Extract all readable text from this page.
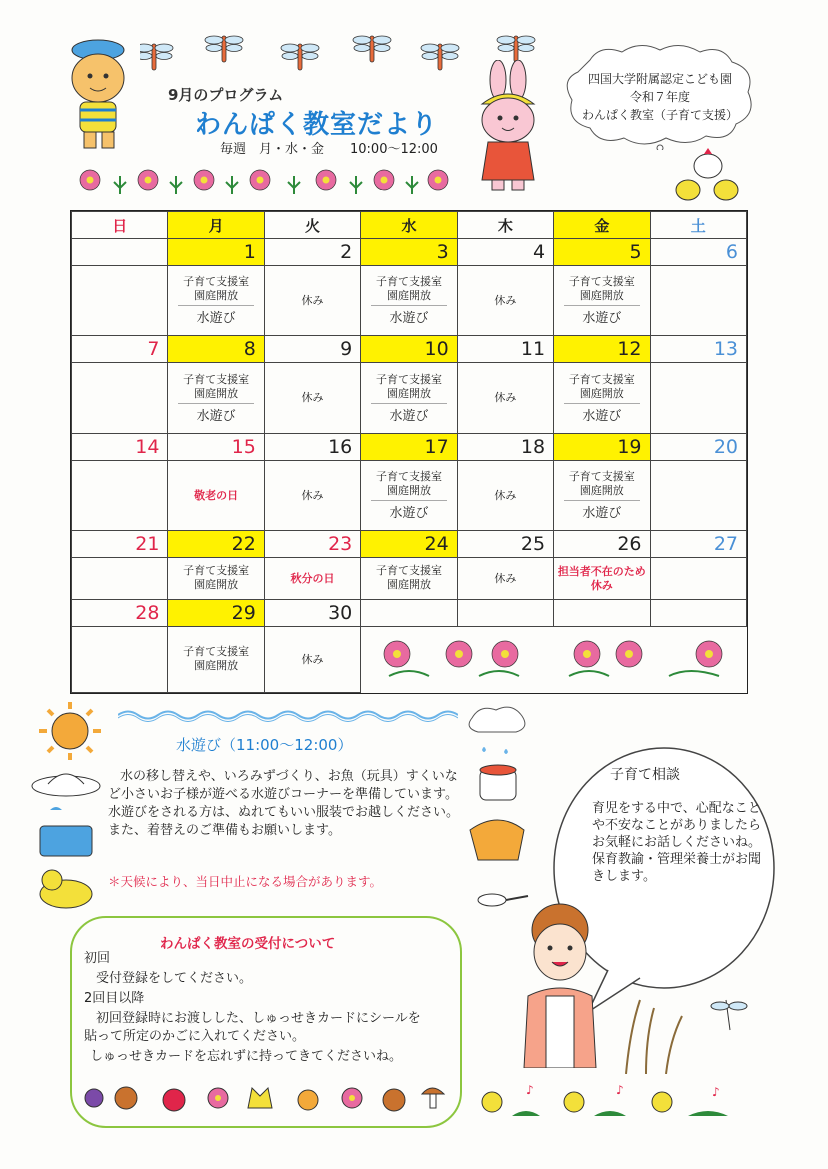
9月のプログラム
わんぱく教室だより
毎週　月・水・金　　10:00～12:00
四国大学附属認定こども園
令和７年度
わんぱく教室（子育て支援）
日	月	火	水	木	金	土
	1	2	3	4	5	6

	子育て支援室
園庭開放
水遊び	休み	子育て支援室
園庭開放
水遊び	休み	子育て支援室
園庭開放
水遊び	

7	8	9	10	11	12	13

	子育て支援室
園庭開放
水遊び	休み	子育て支援室
園庭開放
水遊び	休み	子育て支援室
園庭開放
水遊び	

14	15	16	17	18	19	20
	敬老の日	休み	子育て支援室
園庭開放
水遊び	休み	子育て支援室
園庭開放
水遊び	

21	22	23	24	25	26	27

	子育て支援室
園庭開放	秋分の日	子育て支援室
園庭開放	休み	担当者不在のため
休み	
28	29	30				

	子育て支援室
園庭開放	休み	
水遊び（11:00～12:00）
水の移し替えや、いろみずづくり、お魚（玩具）すくいなど小さいお子様が遊べる水遊びコーナーを準備しています。水遊びをされる方は、ぬれてもいい服装でお越しください。また、着替えのご準備もお願いします。
＊天候により、当日中止になる場合があります。
子育て相談
育児をする中で、心配なことや不安なことがありましたらお気軽にお話しくださいね。保育教諭・管理栄養士がお聞きします。
わんぱく教室の受付について
初回
受付登録をしてください。
2回目以降
初回登録時にお渡しした、しゅっせきカードにシールを
貼って所定のかごに入れてください。
しゅっせきカードを忘れずに持ってきてくださいね。
♪	♪	♪
